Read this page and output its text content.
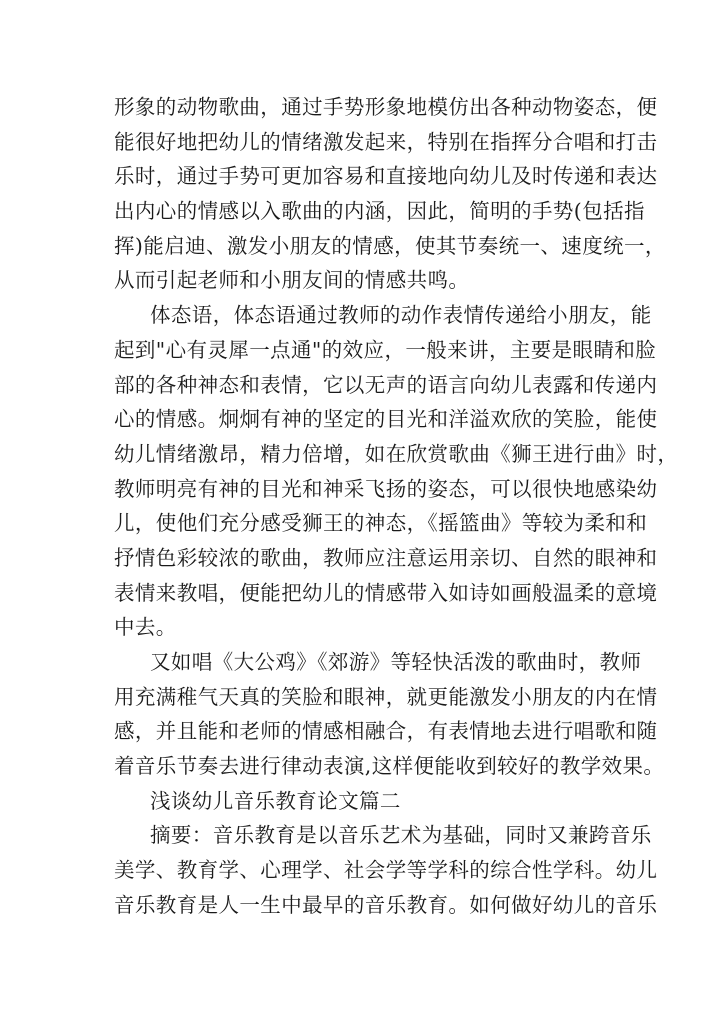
形象的动物歌曲，通过手势形象地模仿出各种动物姿态，便
能很好地把幼儿的情绪激发起来，特别在指挥分合唱和打击
乐时，通过手势可更加容易和直接地向幼儿及时传递和表达
出内心的情感以入歌曲的内涵，因此，简明的手势(包括指
挥)能启迪、激发小朋友的情感，使其节奏统一、速度统一，
从而引起老师和小朋友间的情感共鸣。
体态语，体态语通过教师的动作表情传递给小朋友，能
起到"心有灵犀一点通"的效应，一般来讲，主要是眼睛和脸
部的各种神态和表情，它以无声的语言向幼儿表露和传递内
心的情感。炯炯有神的坚定的目光和洋溢欢欣的笑脸，能使
幼儿情绪激昂，精力倍增，如在欣赏歌曲《狮王进行曲》时，
教师明亮有神的目光和神采飞扬的姿态，可以很快地感染幼
儿，使他们充分感受狮王的神态，《摇篮曲》等较为柔和和
抒情色彩较浓的歌曲，教师应注意运用亲切、自然的眼神和
表情来教唱，便能把幼儿的情感带入如诗如画般温柔的意境
中去。
又如唱《大公鸡》《郊游》等轻快活泼的歌曲时，教师
用充满稚气天真的笑脸和眼神，就更能激发小朋友的内在情
感，并且能和老师的情感相融合，有表情地去进行唱歌和随
着音乐节奏去进行律动表演,这样便能收到较好的教学效果。
浅谈幼儿音乐教育论文篇二
摘要：音乐教育是以音乐艺术为基础，同时又兼跨音乐
美学、教育学、心理学、社会学等学科的综合性学科。幼儿
音乐教育是人一生中最早的音乐教育。如何做好幼儿的音乐
